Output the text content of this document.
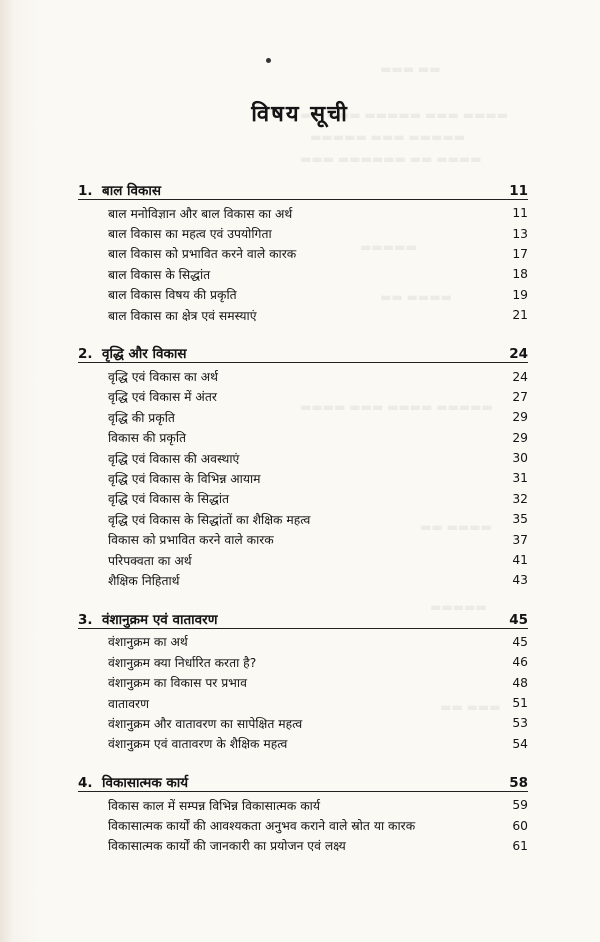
▬▬ ▬▬▬
▬▬▬▬ ▬▬▬ ▬▬▬▬▬ ▬▬▬ ▬▬
▬▬▬▬▬ ▬▬▬ ▬▬▬▬▬
▬▬▬▬ ▬▬ ▬▬▬▬▬▬ ▬▬▬
▬▬▬▬▬
▬▬▬▬ ▬▬
▬▬▬▬▬ ▬▬▬▬ ▬▬▬ ▬▬▬▬
▬▬▬▬ ▬▬
▬▬▬▬▬
▬▬▬ ▬▬
विषय सूची
1. बाल विकास	11
बाल मनोविज्ञान और बाल विकास का अर्थ	11
बाल विकास का महत्व एवं उपयोगिता	13
बाल विकास को प्रभावित करने वाले कारक	17
बाल विकास के सिद्धांत	18
बाल विकास विषय की प्रकृति	19
बाल विकास का क्षेत्र एवं समस्याएं	21
2. वृद्धि और विकास	24
वृद्धि एवं विकास का अर्थ	24
वृद्धि एवं विकास में अंतर	27
वृद्धि की प्रकृति	29
विकास की प्रकृति	29
वृद्धि एवं विकास की अवस्थाएं	30
वृद्धि एवं विकास के विभिन्न आयाम	31
वृद्धि एवं विकास के सिद्धांत	32
वृद्धि एवं विकास के सिद्धांतों का शैक्षिक महत्व	35
विकास को प्रभावित करने वाले कारक	37
परिपक्वता का अर्थ	41
शैक्षिक निहितार्थ	43
3. वंशानुक्रम एवं वातावरण	45
वंशानुक्रम का अर्थ	45
वंशानुक्रम क्या निर्धारित करता है?	46
वंशानुक्रम का विकास पर प्रभाव	48
वातावरण	51
वंशानुक्रम और वातावरण का सापेक्षित महत्व	53
वंशानुक्रम एवं वातावरण के शैक्षिक महत्व	54
4. विकासात्मक कार्य	58
विकास काल में सम्पन्न विभिन्न विकासात्मक कार्य	59
विकासात्मक कार्यों की आवश्यकता अनुभव कराने वाले स्रोत या कारक	60
विकासात्मक कार्यों की जानकारी का प्रयोजन एवं लक्ष्य	61
